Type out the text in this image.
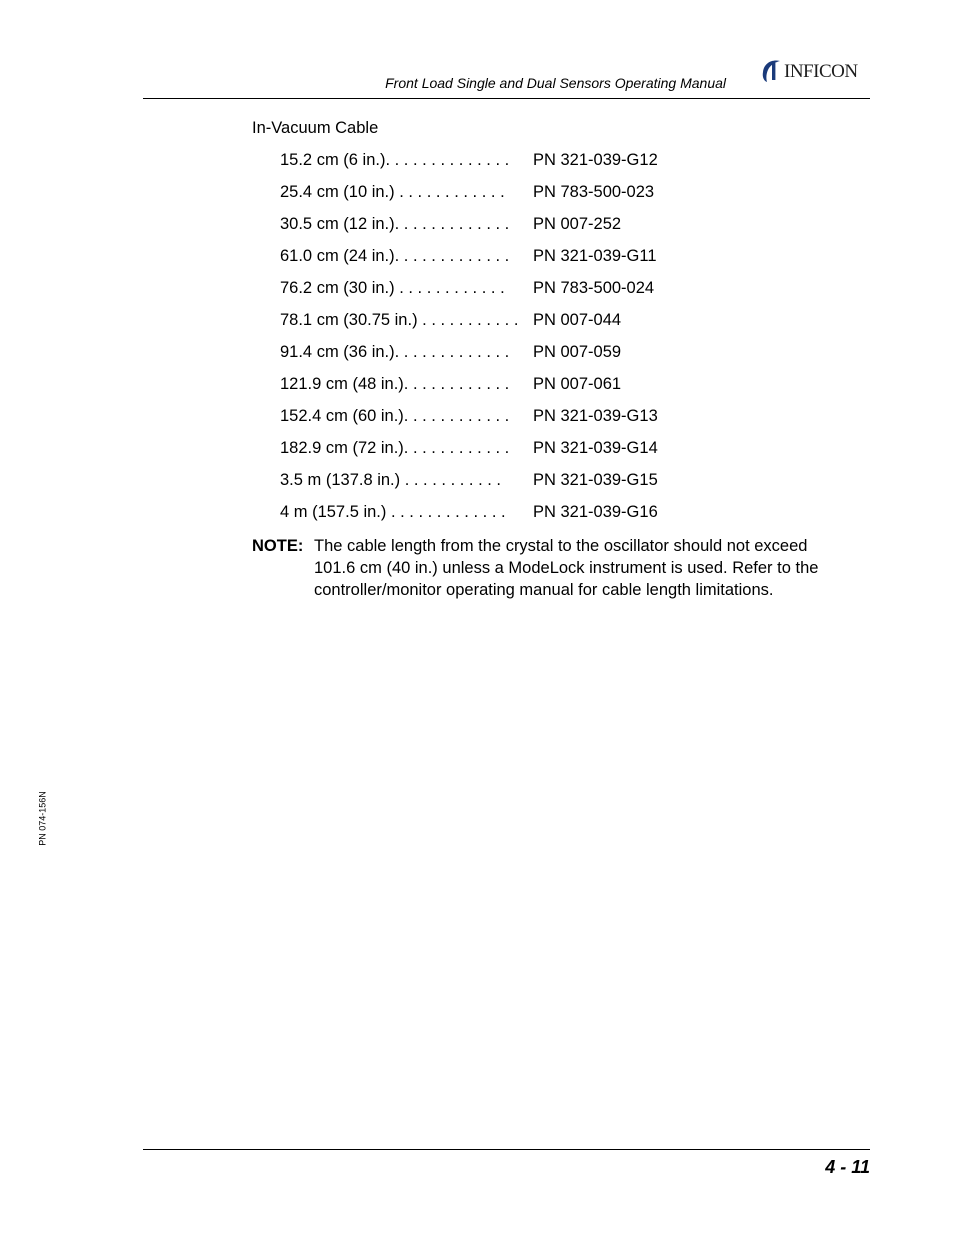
Front Load Single and Dual Sensors Operating Manual
INFICON
In-Vacuum Cable
15.2 cm (6 in.). . . . . . . . . . . . . . PN 321-039-G12
25.4 cm (10 in.) . . . . . . . . . . . . PN 783-500-023
30.5 cm (12 in.). . . . . . . . . . . . . PN 007-252
61.0 cm (24 in.). . . . . . . . . . . . . PN 321-039-G11
76.2 cm (30 in.) . . . . . . . . . . . . PN 783-500-024
78.1 cm (30.75 in.) . . . . . . . . . . . PN 007-044
91.4 cm (36 in.). . . . . . . . . . . . . PN 007-059
121.9 cm (48 in.). . . . . . . . . . . . PN 007-061
152.4 cm (60 in.). . . . . . . . . . . . PN 321-039-G13
182.9 cm (72 in.). . . . . . . . . . . . PN 321-039-G14
3.5 m (137.8 in.) . . . . . . . . . . . PN 321-039-G15
4 m (157.5 in.) . . . . . . . . . . . . . PN 321-039-G16
NOTE: The cable length from the crystal to the oscillator should not exceed 101.6 cm (40 in.) unless a ModeLock instrument is used. Refer to the controller/monitor operating manual for cable length limitations.
PN 074-156N
4 - 11
